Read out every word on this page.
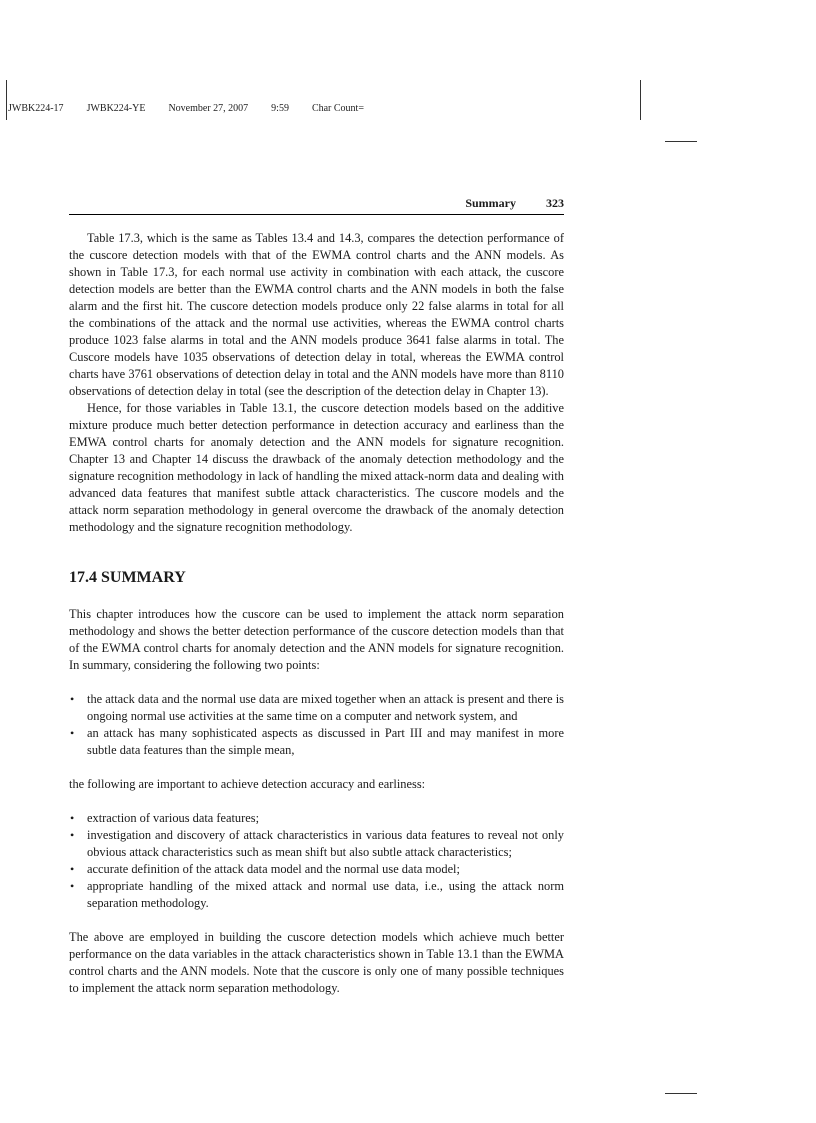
JWBK224-17 JWBK224-YE November 27, 2007 9:59 Char Count=
Summary	323

Table 17.3, which is the same as Tables 13.4 and 14.3, compares the detection performance of the cuscore detection models with that of the EWMA control charts and the ANN models. As shown in Table 17.3, for each normal use activity in combination with each attack, the cuscore detection models are better than the EWMA control charts and the ANN models in both the false alarm and the first hit. The cuscore detection models produce only 22 false alarms in total for all the combinations of the attack and the normal use activities, whereas the EWMA control charts produce 1023 false alarms in total and the ANN models produce 3641 false alarms in total. The Cuscore models have 1035 observations of detection delay in total, whereas the EWMA control charts have 3761 observations of detection delay in total and the ANN models have more than 8110 observations of detection delay in total (see the description of the detection delay in Chapter 13).

Hence, for those variables in Table 13.1, the cuscore detection models based on the additive mixture produce much better detection performance in detection accuracy and earliness than the EMWA control charts for anomaly detection and the ANN models for signature recognition. Chapter 13 and Chapter 14 discuss the drawback of the anomaly detection methodology and the signature recognition methodology in lack of handling the mixed attack-norm data and dealing with advanced data features that manifest subtle attack characteristics. The cuscore models and the attack norm separation methodology in general overcome the drawback of the anomaly detection methodology and the signature recognition methodology.

17.4 SUMMARY

This chapter introduces how the cuscore can be used to implement the attack norm separation methodology and shows the better detection performance of the cuscore detection models than that of the EWMA control charts for anomaly detection and the ANN models for signature recognition. In summary, considering the following two points:

• the attack data and the normal use data are mixed together when an attack is present and there is ongoing normal use activities at the same time on a computer and network system, and
• an attack has many sophisticated aspects as discussed in Part III and may manifest in more subtle data features than the simple mean,

the following are important to achieve detection accuracy and earliness:

• extraction of various data features;
• investigation and discovery of attack characteristics in various data features to reveal not only obvious attack characteristics such as mean shift but also subtle attack characteristics;
• accurate definition of the attack data model and the normal use data model;
• appropriate handling of the mixed attack and normal use data, i.e., using the attack norm separation methodology.

The above are employed in building the cuscore detection models which achieve much better performance on the data variables in the attack characteristics shown in Table 13.1 than the EWMA control charts and the ANN models. Note that the cuscore is only one of many possible techniques to implement the attack norm separation methodology.
